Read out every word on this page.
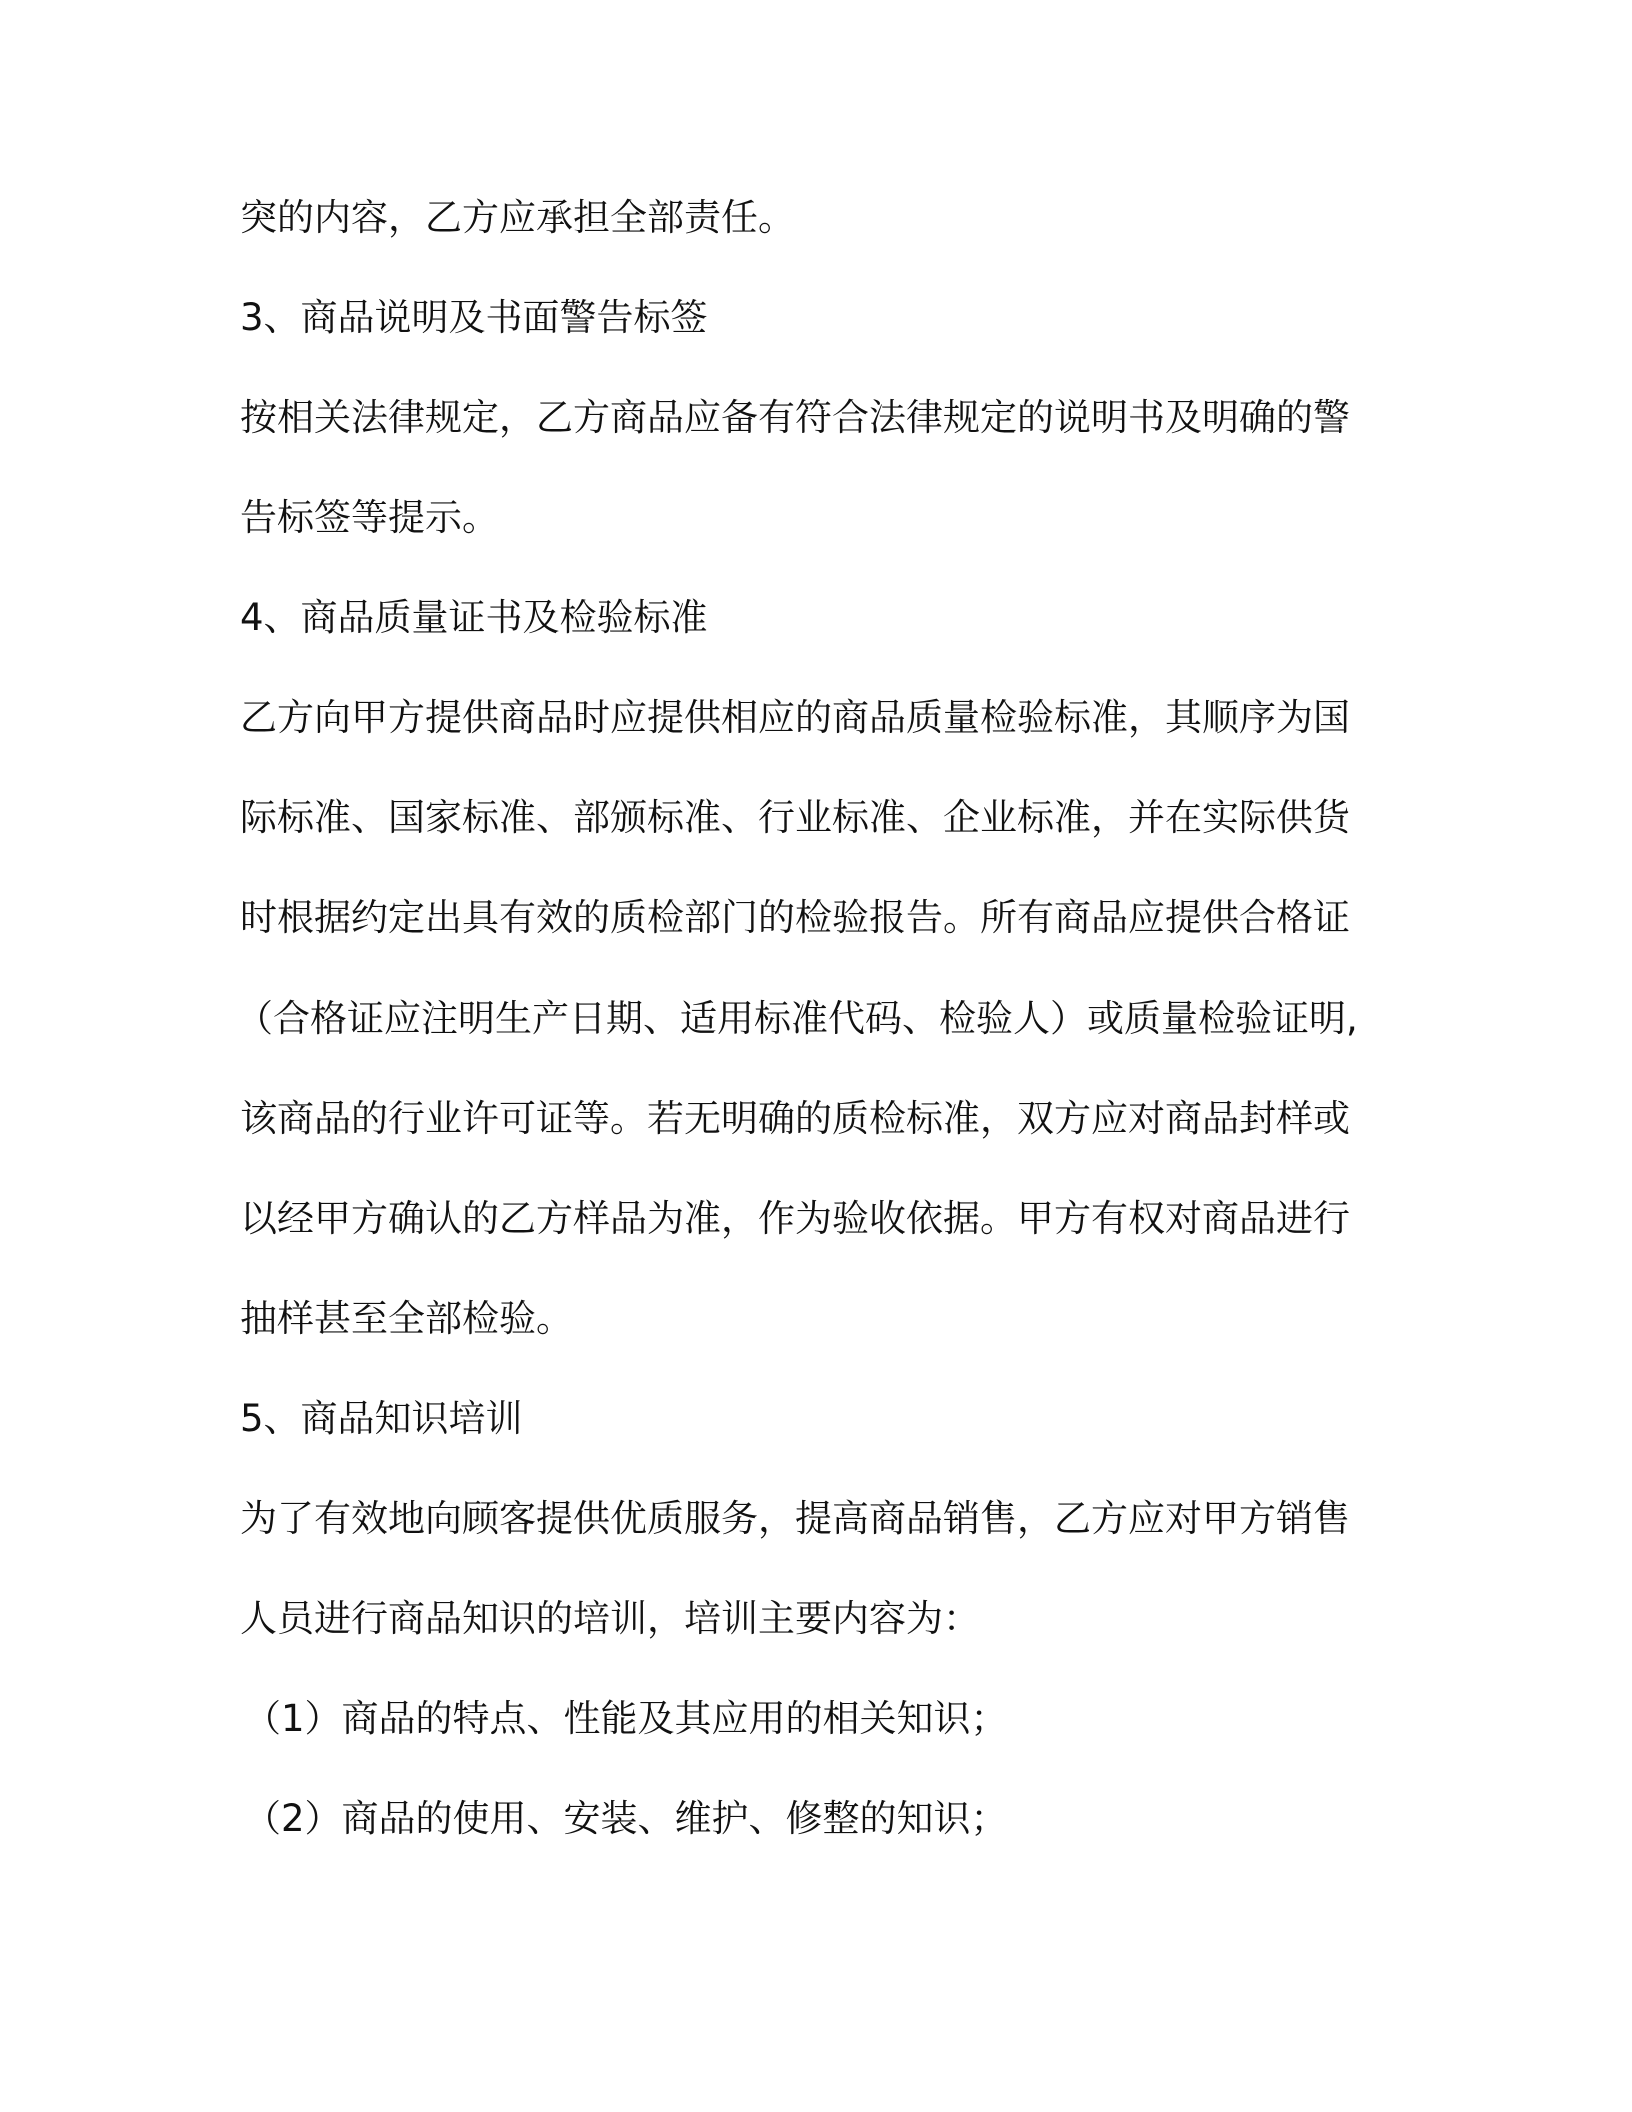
突的内容，乙方应承担全部责任。
3、商品说明及书面警告标签
按相关法律规定，乙方商品应备有符合法律规定的说明书及明确的警
告标签等提示。
4、商品质量证书及检验标准
乙方向甲方提供商品时应提供相应的商品质量检验标准，其顺序为国
际标准、国家标准、部颁标准、行业标准、企业标准，并在实际供货
时根据约定出具有效的质检部门的检验报告。所有商品应提供合格证
（合格证应注明生产日期、适用标准代码、检验人）或质量检验证明,
该商品的行业许可证等。若无明确的质检标准，双方应对商品封样或
以经甲方确认的乙方样品为准，作为验收依据。甲方有权对商品进行
抽样甚至全部检验。
5、商品知识培训
为了有效地向顾客提供优质服务，提高商品销售，乙方应对甲方销售
人员进行商品知识的培训，培训主要内容为：
（1）商品的特点、性能及其应用的相关知识；
（2）商品的使用、安装、维护、修整的知识；
